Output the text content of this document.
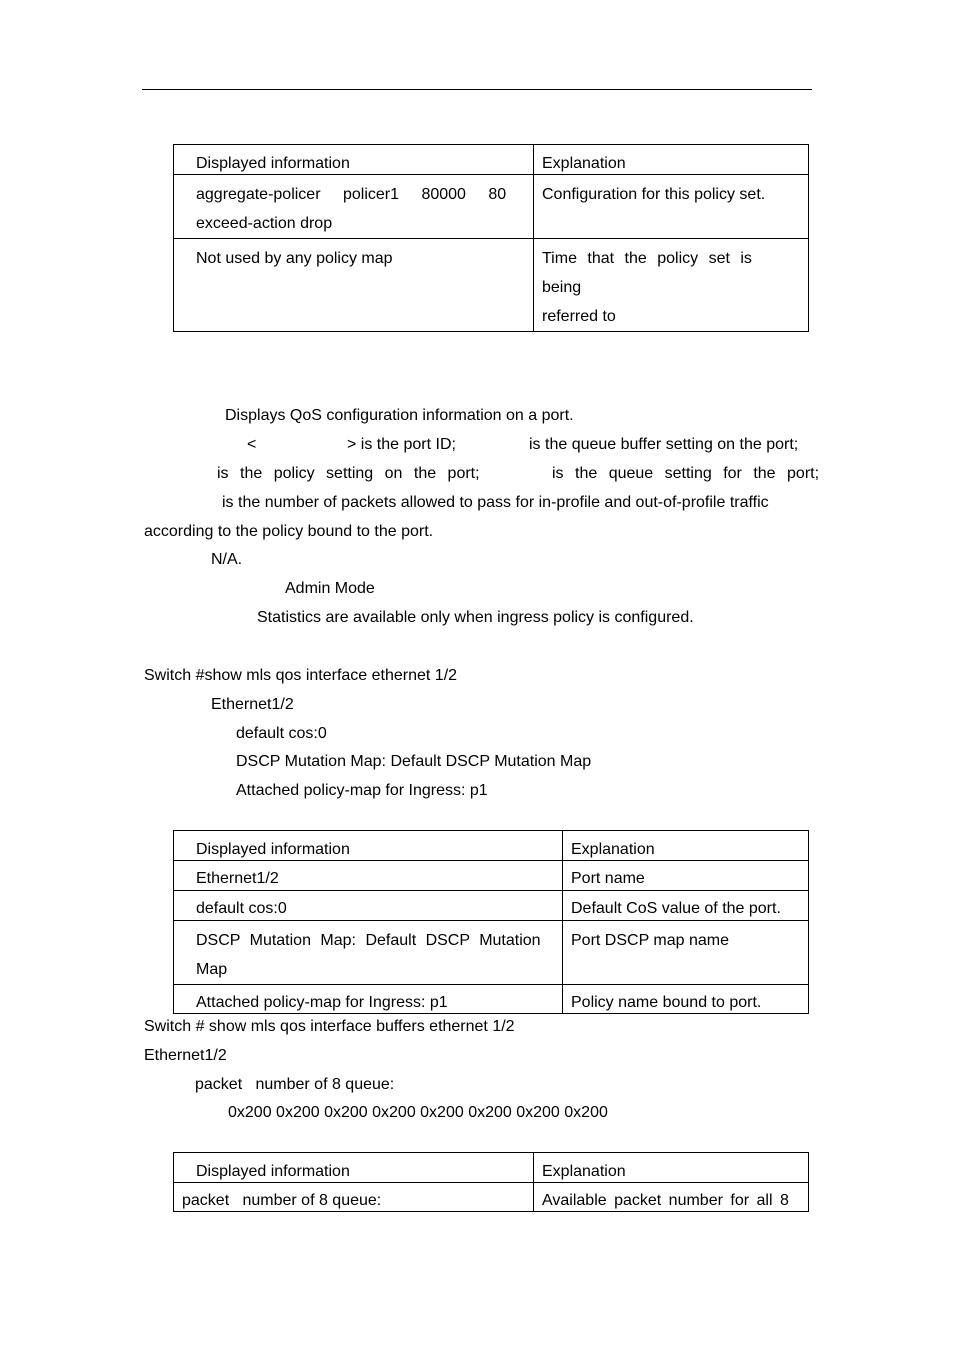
Displayed information	Explanation

aggregate-policer policer1 80000 80
exceed-action drop	Configuration for this policy set.
Not used by any policy map	Time that the policy set is being
referred to
Displays QoS configuration information on a port.
<	> is the port ID;	is the queue buffer setting on the port;
is the policy setting on the port;	is the queue setting for the port;
is the number of packets allowed to pass for in-profile and out-of-profile traffic
according to the policy bound to the port.
N/A.
Admin Mode
Statistics are available only when ingress policy is configured.
Switch #show mls qos interface ethernet 1/2
Ethernet1/2
default cos:0
DSCP Mutation Map: Default DSCP Mutation Map
Attached policy-map for Ingress: p1
Displayed information	Explanation
Ethernet1/2	Port name
default cos:0	Default CoS value of the port.

DSCP Mutation Map: Default DSCP Mutation
Map	Port DSCP map name
Attached policy-map for Ingress: p1	Policy name bound to port.
Switch # show mls qos interface buffers ethernet 1/2
Ethernet1/2
packet   number of 8 queue:
0x200 0x200 0x200 0x200 0x200 0x200 0x200 0x200
Displayed information	Explanation
packet   number of 8 queue:	Available packet number for all 8
